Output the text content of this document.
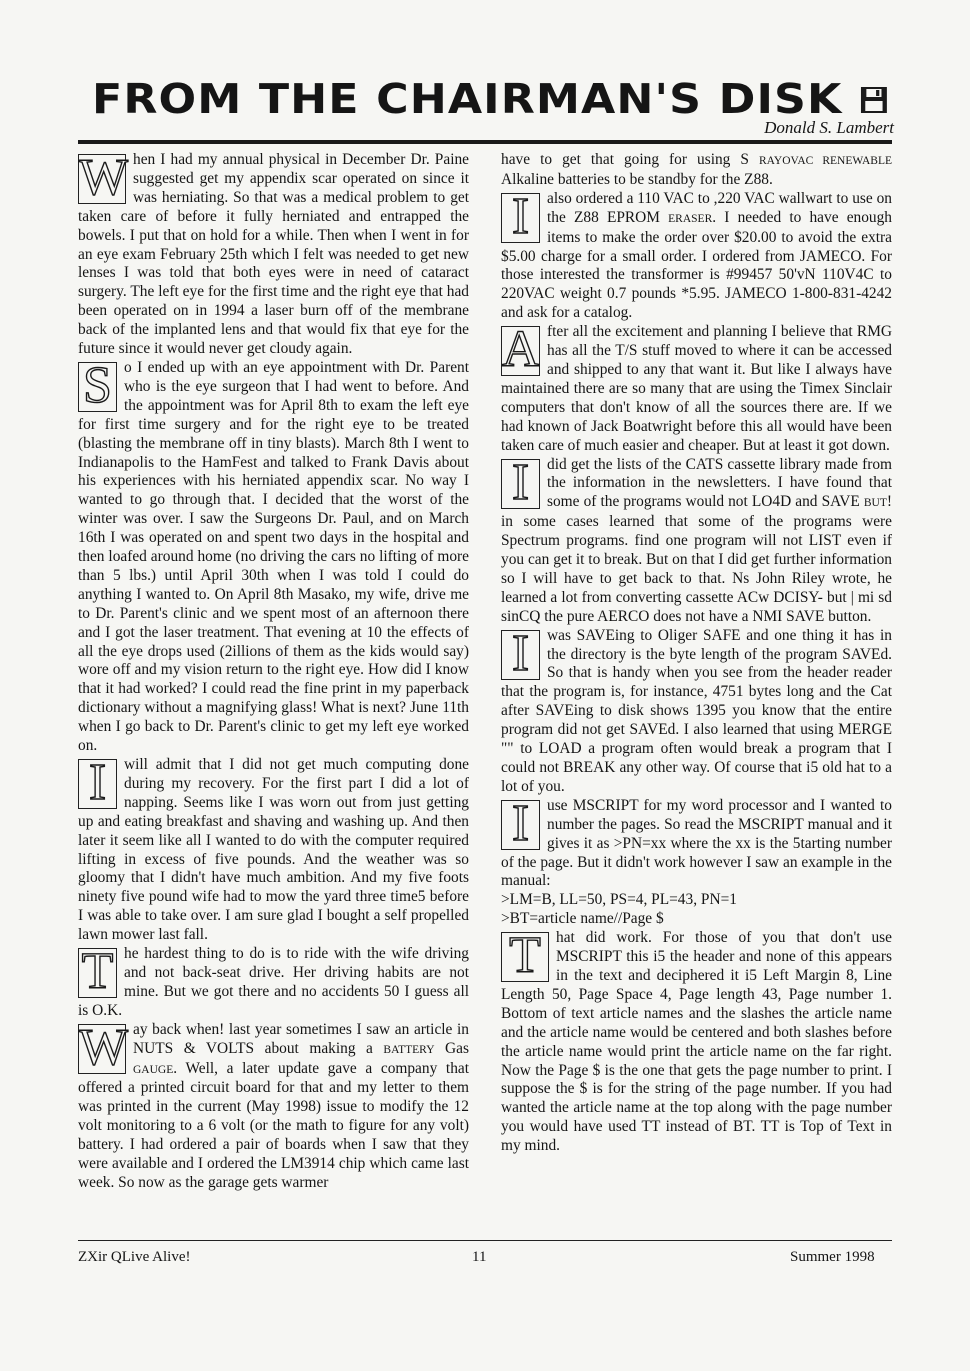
FROM THE CHAIRMAN'S DISK
Donald S. Lambert

W hen I had my annual physical in December Dr. Paine suggested get my appendix scar operated on since it was herniating. So that was a medical problem to get taken care of before it fully herniated and entrapped the bowels. I put that on hold for a while. Then when I went in for an eye exam February 25th which I felt was needed to get new lenses I was told that both eyes were in need of cataract surgery. The left eye for the first time and the right eye that had been operated on in 1994 a laser burn off of the membrane back of the implanted lens and that would fix that eye for the future since it would never get cloudy again.

S o I ended up with an eye appointment with Dr. Parent who is the eye surgeon that I had went to before. And the appointment was for April 8th to exam the left eye for first time surgery and for the right eye to be treated (blasting the membrane off in tiny blasts). March 8th I went to Indianapolis to the HamFest and talked to Frank Davis about his experiences with his herniated appendix scar. No way I wanted to go through that. I decided that the worst of the winter was over. I saw the Surgeons Dr. Paul, and on March 16th I was operated on and spent two days in the hospital and then loafed around home (no driving the cars no lifting of more than 5 lbs.) until April 30th when I was told I could do anything I wanted to. On April 8th Masako, my wife, drive me to Dr. Parent's clinic and we spent most of an afternoon there and I got the laser treatment. That evening at 10 the effects of all the eye drops used (2illions of them as the kids would say) wore off and my vision return to the right eye. How did I know that it had worked? I could read the fine print in my paperback dictionary without a magnifying glass! What is next? June 11th when I go back to Dr. Parent's clinic to get my left eye worked on.

I	will admit that I did not get much computing done during my recovery. For the first part I did a lot of napping. Seems like I was worn out from just getting up and eating breakfast and shaving and washing up. And then later it seem like all I wanted to do with the computer required lifting in excess of five pounds. And the weather was so gloomy that I didn't have much ambition. And my five foots ninety five pound wife had to mow the yard three time5 before I was able to take over. I am sure glad I bought a self propelled lawn mower last fall.

T he hardest thing to do is to ride with the wife driving and not back-seat drive. Her driving habits are not mine. But we got there and no accidents 50 I guess all is O.K.

W ay back when! last year sometimes I saw an article in NUTS & VOLTS about making a BATTERY Gas GAUGE. Well, a later update gave a company that offered a printed circuit board for that and my letter to them was printed in the current (May 1998) issue to modify the 12 volt monitoring to a 6 volt (or the math to figure for any volt) battery. I had ordered a pair of boards when I saw that they were available and I ordered the LM3914 chip which came last week. So now as the garage gets warmer

have to get that going for using S RAYOVAC RENEWABLE Alkaline batteries to be standby for the Z88.

I	also ordered a 110 VAC to ,220 VAC wallwart to use on the Z88 EPROM ERASER. I needed to have enough items to make the order over $20.00 to avoid the extra $5.00 charge for a small order. I ordered from JAMECO. For those interested the transformer is #99457 50'vN 110V4C to 220VAC weight 0.7 pounds *5.95. JAMECO 1-800-831-4242 and ask for a catalog.

A fter all the excitement and planning I believe that RMG has all the T/S stuff moved to where it can be accessed and shipped to any that want it. But like I always have maintained there are so many that are using the Timex Sinclair computers that don't know of all the sources there are. If we had known of Jack Boatwright before this all would have been taken care of much easier and cheaper. But at least it got down.

I	did get the lists of the CATS cassette library made from the information in the newsletters. I have found that some of the programs would not LO4D and SAVE BUT! in some cases learned that some of the programs were Spectrum programs. find one program will not LIST even if you can get it to break. But on that I did get further information so I will have to get back to that. Ns John Riley wrote, he learned a lot from converting cassette ACw DCISY- but | mi sd sinCQ the pure AERCO does not have a NMI SAVE button.

I	was SAVEing to Oliger SAFE and one thing it has in the directory is the byte length of the program SAVEd. So that is handy when you see from the header reader that the program is, for instance, 4751 bytes long and the Cat after SAVEing to disk shows 1395 you know that the entire program did not get SAVEd. I also learned that using MERGE "" to LOAD a program often would break a program that I could not BREAK any other way. Of course that i5 old hat to a lot of you.

I	use MSCRIPT for my word processor and I wanted to number the pages. So read the MSCRIPT manual and it gives it as >PN=xx where the xx is the 5tarting number of the page. But it didn't work however I saw an example in the manual:

>LM=B, LL=50, PS=4, PL=43, PN=1

>BT=article name//Page $

T hat did work. For those of you that don't use MSCRIPT this i5 the header and none of this appears in the text and deciphered it i5 Left Margin 8, Line Length 50, Page Space 4, Page length 43, Page number 1. Bottom of text article names and the slashes the article name and the article name would be centered and both slashes before the article name would print the article name on the far right. Now the Page $ is the one that gets the page number to print. I suppose the $ is for the string of the page number. If you had wanted the article name at the top along with the page number you would have used TT instead of BT. TT is Top of Text in my mind.

ZXir QLive Alive!	11	Summer 1998
